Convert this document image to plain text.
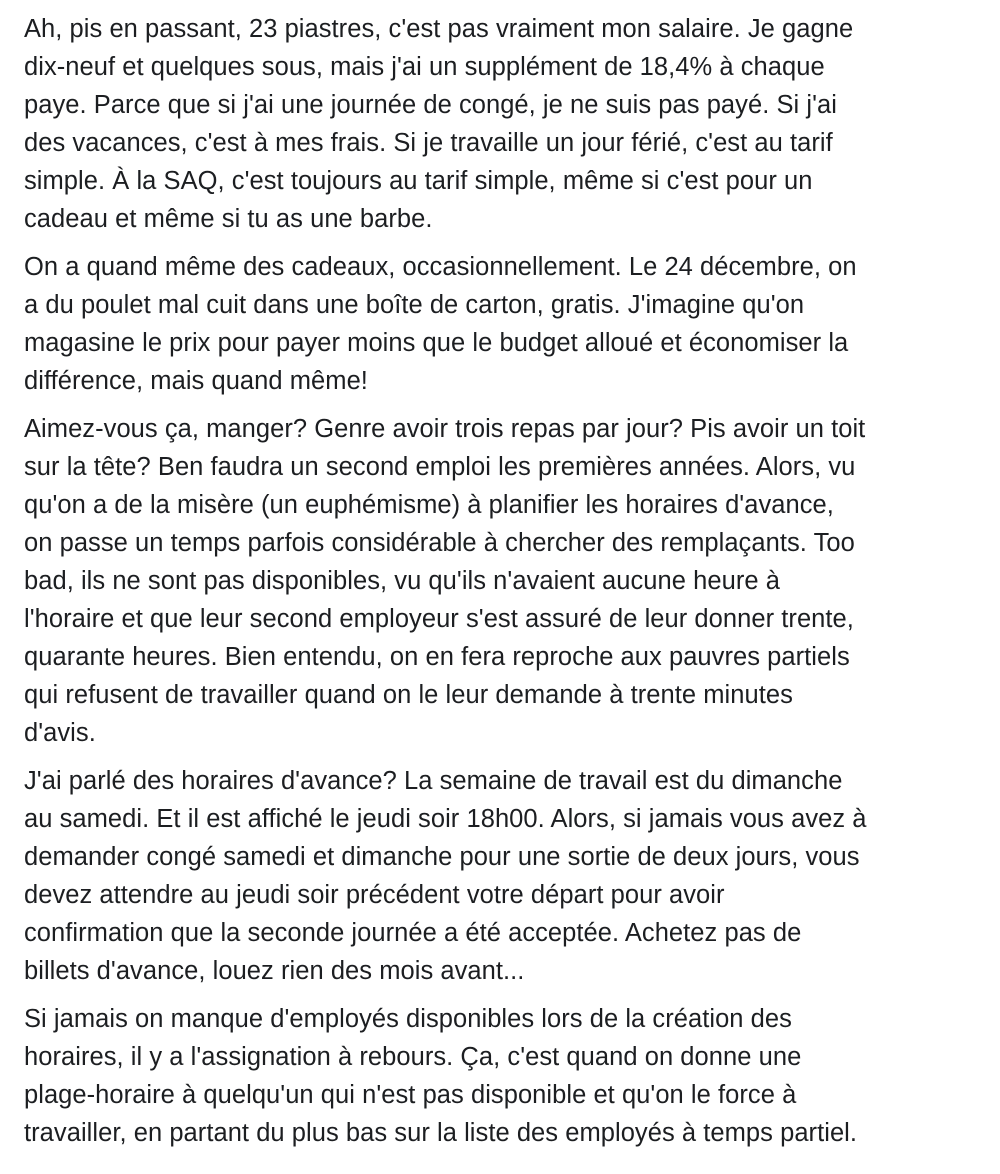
Ah, pis en passant, 23 piastres, c'est pas vraiment mon salaire. Je gagne
dix-neuf et quelques sous, mais j'ai un supplément de 18,4% à chaque
paye. Parce que si j'ai une journée de congé, je ne suis pas payé. Si j'ai
des vacances, c'est à mes frais. Si je travaille un jour férié, c'est au tarif
simple. À la SAQ, c'est toujours au tarif simple, même si c'est pour un
cadeau et même si tu as une barbe.

On a quand même des cadeaux, occasionnellement. Le 24 décembre, on
a du poulet mal cuit dans une boîte de carton, gratis. J'imagine qu'on
magasine le prix pour payer moins que le budget alloué et économiser la
différence, mais quand même!

Aimez-vous ça, manger? Genre avoir trois repas par jour? Pis avoir un toit
sur la tête? Ben faudra un second emploi les premières années. Alors, vu
qu'on a de la misère (un euphémisme) à planifier les horaires d'avance,
on passe un temps parfois considérable à chercher des remplaçants. Too
bad, ils ne sont pas disponibles, vu qu'ils n'avaient aucune heure à
l'horaire et que leur second employeur s'est assuré de leur donner trente,
quarante heures. Bien entendu, on en fera reproche aux pauvres partiels
qui refusent de travailler quand on le leur demande à trente minutes
d'avis.

J'ai parlé des horaires d'avance? La semaine de travail est du dimanche
au samedi. Et il est affiché le jeudi soir 18h00. Alors, si jamais vous avez à
demander congé samedi et dimanche pour une sortie de deux jours, vous
devez attendre au jeudi soir précédent votre départ pour avoir
confirmation que la seconde journée a été acceptée. Achetez pas de
billets d'avance, louez rien des mois avant...

Si jamais on manque d'employés disponibles lors de la création des
horaires, il y a l'assignation à rebours. Ça, c'est quand on donne une
plage-horaire à quelqu'un qui n'est pas disponible et qu'on le force à
travailler, en partant du plus bas sur la liste des employés à temps partiel.
